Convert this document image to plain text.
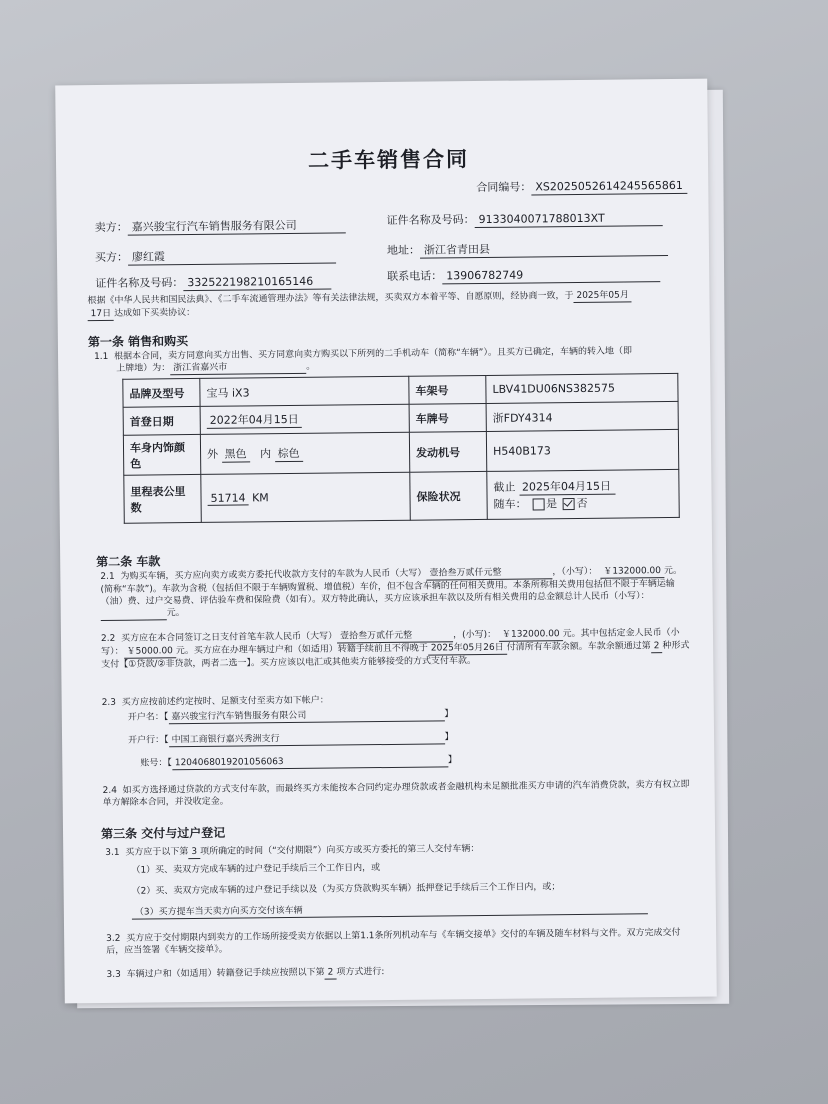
二手车销售合同
合同编号： XS2025052614245565861
卖方： 嘉兴骏宝行汽车销售服务有限公司	证件名称及号码： 9133040071788013XT
买方： 廖红霞	地址： 浙江省青田县
证件名称及号码： 332522198210165146	联系电话： 13906782749
根据《中华人民共和国民法典》、《二手车流通管理办法》等有关法律法规，买卖双方本着平等、自愿原则，经协商一致，于 2025年05月
17日 达成如下买卖协议：
第一条 销售和购买
1.1 根据本合同，卖方同意向买方出售、买方同意向卖方购买以下所列的二手机动车（简称“车辆”）。且买方已确定，车辆的转入地（即
上牌地）为： 浙江省嘉兴市	。
品牌及型号	宝马 iX3	车架号	LBV41DU06NS382575
首登日期	2022年04月15日	车牌号	浙FDY4314
车身内饰颜色	外 黑色 内 棕色	发动机号	H540B173
里程表公里数	51714 KM	保险状况	截止 2025年04月15日
随车： 是 否
第二条 车款
2.1 为购买车辆，买方应向卖方或卖方委托代收款方支付的车款为人民币（大写） 壹拾叁万贰仟元整	，（小写）： ￥132000.00 元。(简称“车款”)。车款为含税（包括但不限于车辆购置税、增值税）车价，但不包含车辆的任何相关费用。本条所称相关费用包括但不限于车辆运输（油）费、过户交易费、评估验车费和保险费（如有）。双方特此确认，买方应该承担车款以及所有相关费用的总金额总计人民币（小写）： 元。
2.2 买方应在本合同签订之日支付首笔车款人民币（大写） 壹拾叁万贰仟元整	，(小写)： ￥132000.00 元。其中包括定金人民币（小写）： ￥5000.00 元。买方应在办理车辆过户和（如适用）转籍手续前且不得晚于 2025年05月26日 付清所有车款余额。车款余额通过第 2 种形式支付【①贷款/②非贷款，两者二选一】。买方应该以电汇或其他卖方能够接受的方式支付车款。
2.3 买方应按前述约定按时、足额支付至卖方如下帐户：
开户名：【 嘉兴骏宝行汽车销售服务有限公司	】
开户行：【 中国工商银行嘉兴秀洲支行	】
账号：【 1204068019201056063	】
2.4 如买方选择通过贷款的方式支付车款，而最终买方未能按本合同约定办理贷款或者金融机构未足额批准买方申请的汽车消费贷款，卖方有权立即单方解除本合同，并没收定金。
第三条 交付与过户登记
3.1 买方应于以下第 3 项所确定的时间（“交付期限”）向买方或买方委托的第三人交付车辆：
（1）买、卖双方完成车辆的过户登记手续后三个工作日内，或
（2）买、卖双方完成车辆的过户登记手续以及（为买方贷款购买车辆）抵押登记手续后三个工作日内，或；
（3）买方提车当天卖方向买方交付该车辆
3.2 买方应于交付期限内到卖方的工作场所接受卖方依据以上第1.1条所列机动车与《车辆交接单》交付的车辆及随车材料与文件。双方完成交付后，应当签署《车辆交接单》。
3.3 车辆过户和（如适用）转籍登记手续应按照以下第 2 项方式进行:
